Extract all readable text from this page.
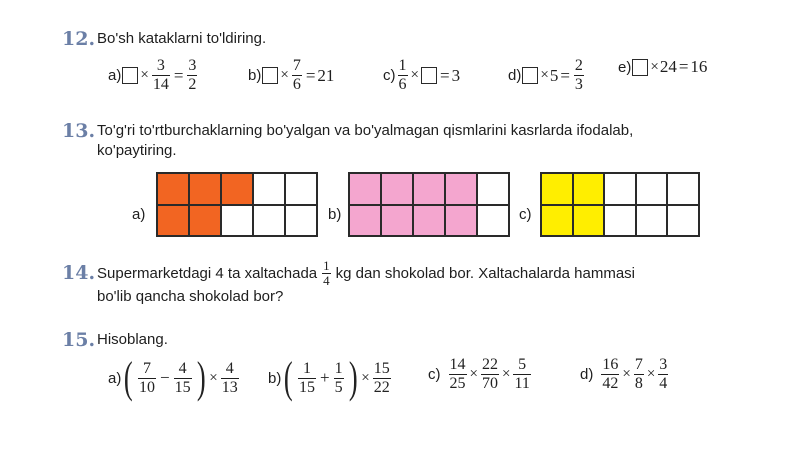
12. Bo'sh kataklarni to'ldiring.
$a) \times \frac{3}{14} = \frac{3}{2}$	$b) \times \frac{7}{6} = 21$	$c) \frac{1}{6}$ × = 3	$d) \times 5 = \frac{2}{3} e) \times 24 = 16$
13. To'g'ri to'rtburchaklarning bo'yalgan va bo'yalmagan qismlarini kasrlarda ifodalab,
ko'paytiring.
a)	b)	c)
14. Supermarketdagi 4 ta xaltachada $\frac{1}{4}$ kg dan shokolad bor. Xaltachalarda hammasi
bo'lib qancha shokolad bor?
15. Hisoblang.
a) ( $\frac{7}{10} - \frac{4}{15}$ ) × $\frac{4}{13} b$) ( $\frac{1}{15} + \frac{1}{5}$ ) × $\frac{15}{22} c) \frac{14}{25} \times \frac{22}{70} \times \frac{5}{11}$	$d) \frac{16}{42} \times \frac{7}{8} \times \frac{3}{4}$
